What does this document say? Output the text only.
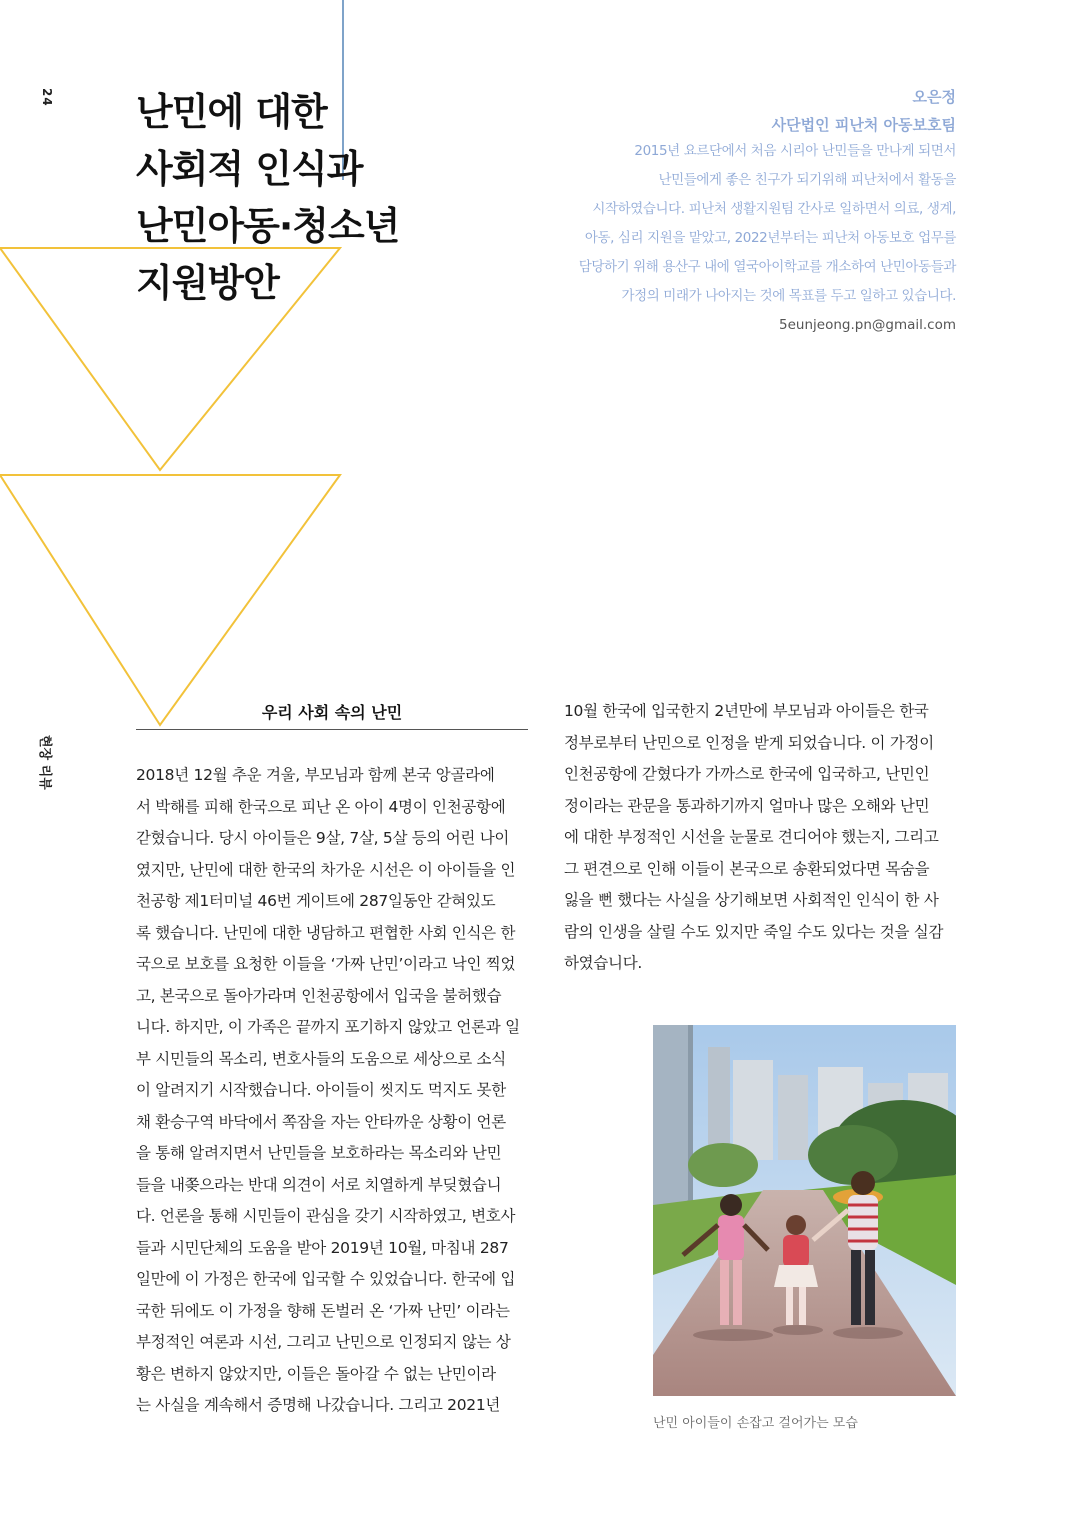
24
현장 리뷰
난민에 대한
사회적 인식과
난민아동·청소년
지원방안
오은정
사단법인 피난처 아동보호팀
2015년 요르단에서 처음 시리아 난민들을 만나게 되면서
난민들에게 좋은 친구가 되기위해 피난처에서 활동을
시작하였습니다. 피난처 생활지원팀 간사로 일하면서 의료, 생계,
아동, 심리 지원을 맡았고, 2022년부터는 피난처 아동보호 업무를
담당하기 위해 용산구 내에 열국아이학교를 개소하여 난민아동들과
가정의 미래가 나아지는 것에 목표를 두고 일하고 있습니다.
5eunjeong.pn@gmail.com
우리 사회 속의 난민
2018년 12월 추운 겨울, 부모님과 함께 본국 앙골라에
서 박해를 피해 한국으로 피난 온 아이 4명이 인천공항에
갇혔습니다. 당시 아이들은 9살, 7살, 5살 등의 어린 나이
였지만, 난민에 대한 한국의 차가운 시선은 이 아이들을 인
천공항 제1터미널 46번 게이트에 287일동안 갇혀있도
록 했습니다. 난민에 대한 냉담하고 편협한 사회 인식은 한
국으로 보호를 요청한 이들을 ‘가짜 난민’이라고 낙인 찍었
고, 본국으로 돌아가라며 인천공항에서 입국을 불허했습
니다. 하지만, 이 가족은 끝까지 포기하지 않았고 언론과 일
부 시민들의 목소리, 변호사들의 도움으로 세상으로 소식
이 알려지기 시작했습니다. 아이들이 씻지도 먹지도 못한
채 환승구역 바닥에서 쪽잠을 자는 안타까운 상황이 언론
을 통해 알려지면서 난민들을 보호하라는 목소리와 난민
들을 내쫒으라는 반대 의견이 서로 치열하게 부딪혔습니
다. 언론을 통해 시민들이 관심을 갖기 시작하였고, 변호사
들과 시민단체의 도움을 받아 2019년 10월, 마침내 287
일만에 이 가정은 한국에 입국할 수 있었습니다. 한국에 입
국한 뒤에도 이 가정을 향해 돈벌러 온 ‘가짜 난민’ 이라는
부정적인 여론과 시선, 그리고 난민으로 인정되지 않는 상
황은 변하지 않았지만, 이들은 돌아갈 수 없는 난민이라
는 사실을 계속해서 증명해 나갔습니다. 그리고 2021년
10월 한국에 입국한지 2년만에 부모님과 아이들은 한국
정부로부터 난민으로 인정을 받게 되었습니다. 이 가정이
인천공항에 갇혔다가 가까스로 한국에 입국하고, 난민인
정이라는 관문을 통과하기까지 얼마나 많은 오해와 난민
에 대한 부정적인 시선을 눈물로 견디어야 했는지, 그리고
그 편견으로 인해 이들이 본국으로 송환되었다면 목숨을
잃을 뻔 했다는 사실을 상기해보면 사회적인 인식이 한 사
람의 인생을 살릴 수도 있지만 죽일 수도 있다는 것을 실감
하였습니다.
난민 아이들이 손잡고 걸어가는 모습
